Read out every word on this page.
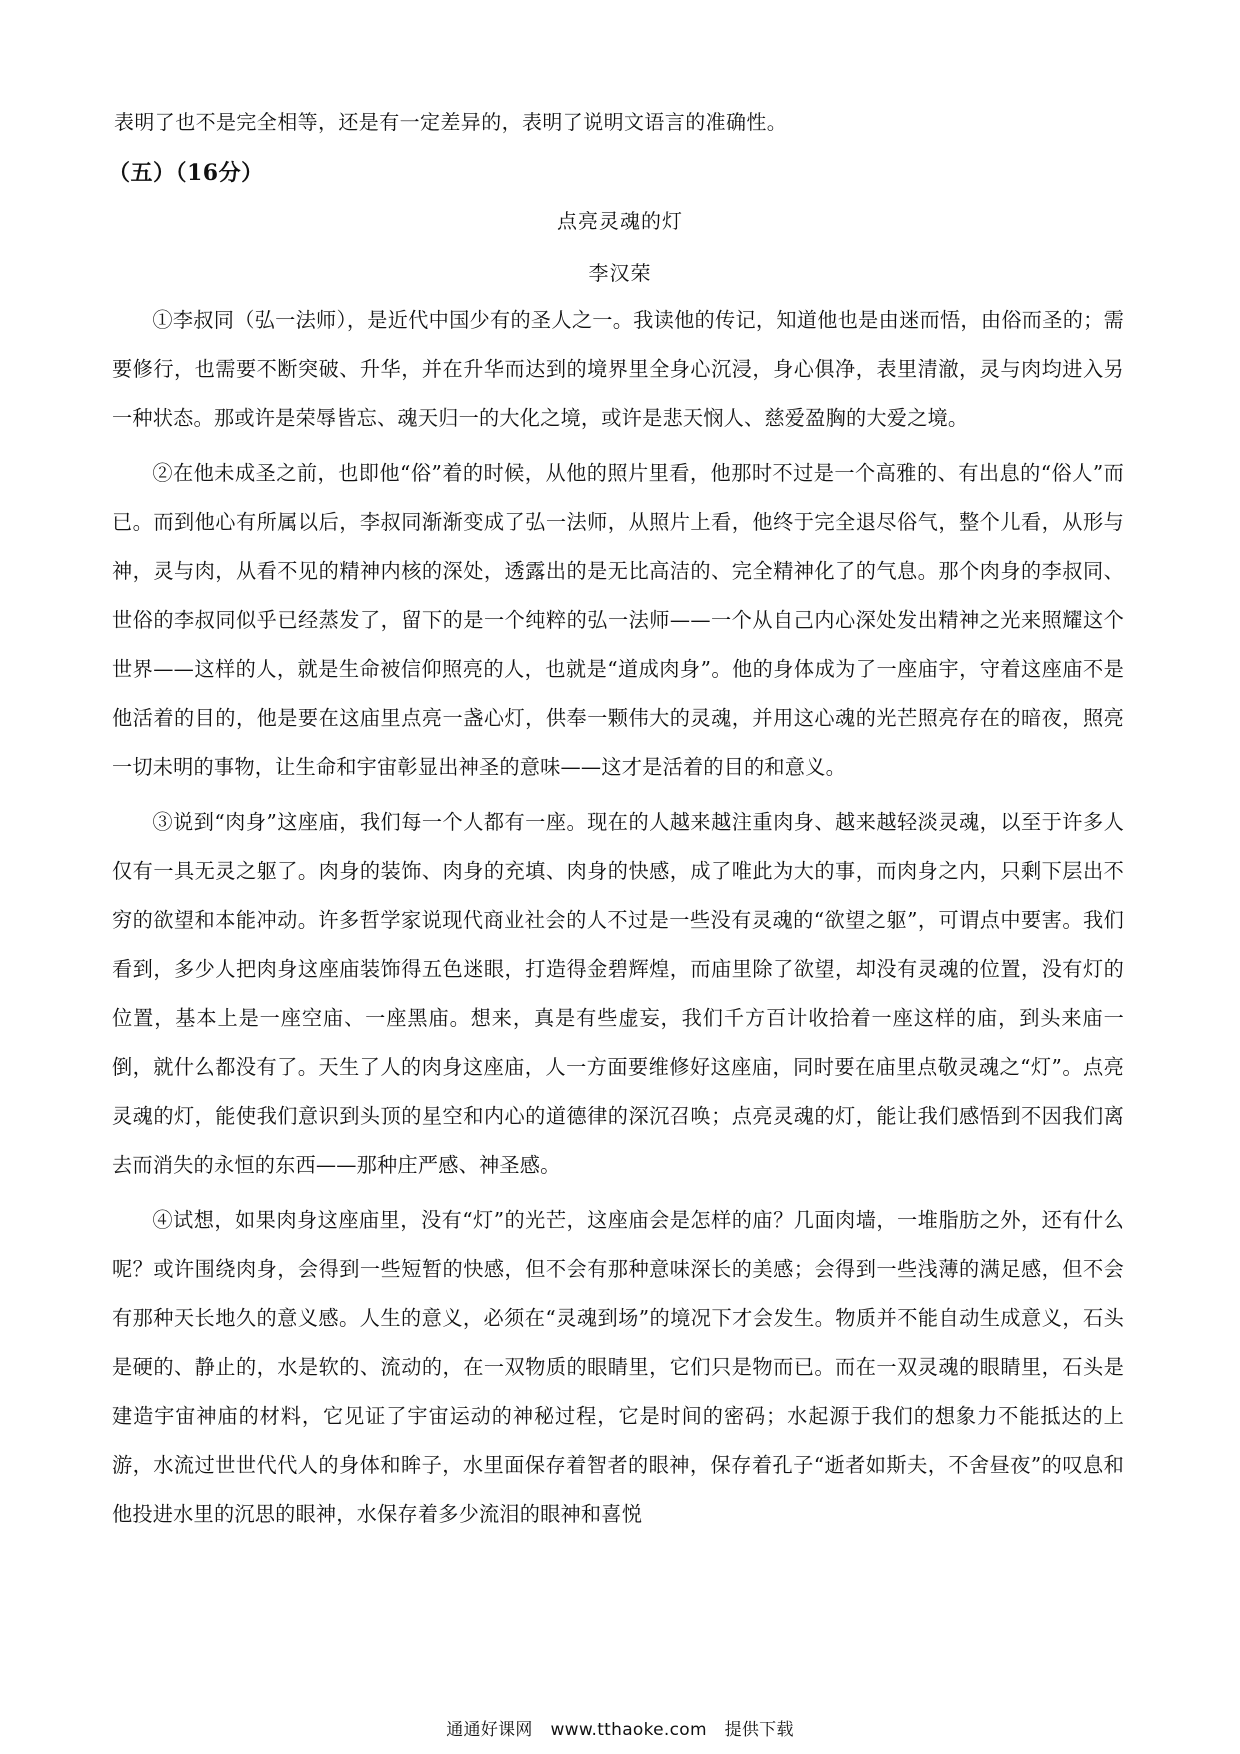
表明了也不是完全相等，还是有一定差异的，表明了说明文语言的准确性。
（五）（16分）
点亮灵魂的灯
李汉荣

①李叔同（弘一法师），是近代中国少有的圣人之一。我读他的传记，知道他也是由迷而悟，由俗而圣的；需要修行，也需要不断突破、升华，并在升华而达到的境界里全身心沉浸，身心俱净，表里清澈，灵与肉均进入另一种状态。那或许是荣辱皆忘、魂天归一的大化之境，或许是悲天悯人、慈爱盈胸的大爱之境。

②在他未成圣之前，也即他“俗”着的时候，从他的照片里看，他那时不过是一个高雅的、有出息的“俗人”而已。而到他心有所属以后，李叔同渐渐变成了弘一法师，从照片上看，他终于完全退尽俗气，整个儿看，从形与神，灵与肉，从看不见的精神内核的深处，透露出的是无比高洁的、完全精神化了的气息。那个肉身的李叔同、世俗的李叔同似乎已经蒸发了，留下的是一个纯粹的弘一法师——一个从自己内心深处发出精神之光来照耀这个世界——这样的人，就是生命被信仰照亮的人，也就是“道成肉身”。他的身体成为了一座庙宇，守着这座庙不是他活着的目的，他是要在这庙里点亮一盏心灯，供奉一颗伟大的灵魂，并用这心魂的光芒照亮存在的暗夜，照亮一切未明的事物，让生命和宇宙彰显出神圣的意味——这才是活着的目的和意义。

③说到“肉身”这座庙，我们每一个人都有一座。现在的人越来越注重肉身、越来越轻淡灵魂，以至于许多人仅有一具无灵之躯了。肉身的装饰、肉身的充填、肉身的快感，成了唯此为大的事，而肉身之内，只剩下层出不穷的欲望和本能冲动。许多哲学家说现代商业社会的人不过是一些没有灵魂的“欲望之躯”，可谓点中要害。我们看到，多少人把肉身这座庙装饰得五色迷眼，打造得金碧辉煌，而庙里除了欲望，却没有灵魂的位置，没有灯的位置，基本上是一座空庙、一座黑庙。想来，真是有些虚妄，我们千方百计收拾着一座这样的庙，到头来庙一倒，就什么都没有了。天生了人的肉身这座庙，人一方面要维修好这座庙，同时要在庙里点敬灵魂之“灯”。点亮灵魂的灯，能使我们意识到头顶的星空和内心的道德律的深沉召唤；点亮灵魂的灯，能让我们感悟到不因我们离去而消失的永恒的东西——那种庄严感、神圣感。

④试想，如果肉身这座庙里，没有“灯”的光芒，这座庙会是怎样的庙？几面肉墙，一堆脂肪之外，还有什么呢？或许围绕肉身，会得到一些短暂的快感，但不会有那种意味深长的美感；会得到一些浅薄的满足感，但不会有那种天长地久的意义感。人生的意义，必须在“灵魂到场”的境况下才会发生。物质并不能自动生成意义，石头是硬的、静止的，水是软的、流动的，在一双物质的眼睛里，它们只是物而已。而在一双灵魂的眼睛里，石头是建造宇宙神庙的材料，它见证了宇宙运动的神秘过程，它是时间的密码；水起源于我们的想象力不能抵达的上游，水流过世世代代人的身体和眸子，水里面保存着智者的眼神，保存着孔子“逝者如斯夫，不舍昼夜”的叹息和他投进水里的沉思的眼神，水保存着多少流泪的眼神和喜悦

通通好课网 www.tthaoke.com 提供下载
